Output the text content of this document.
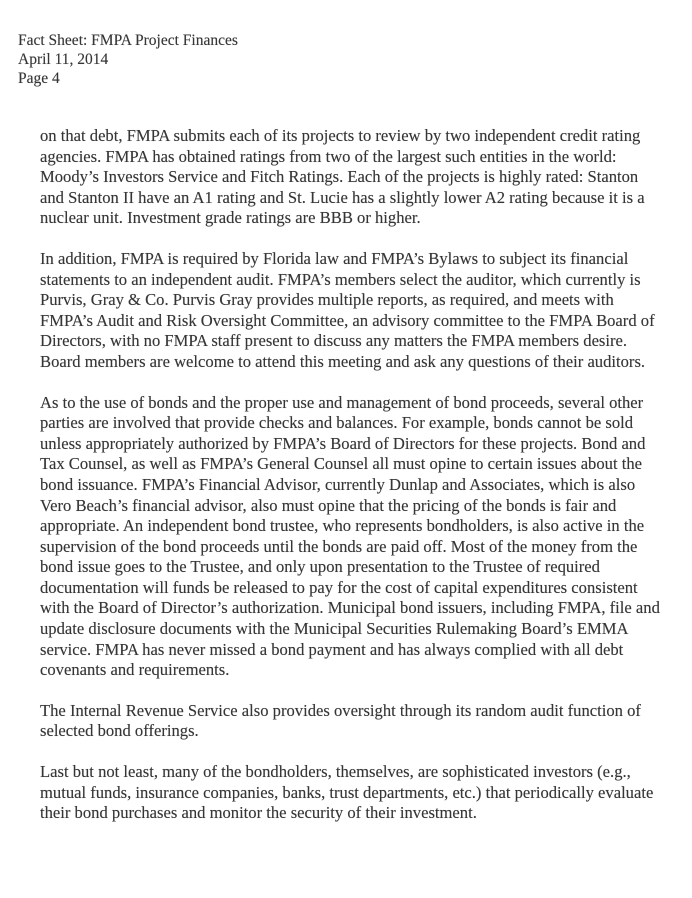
Fact Sheet: FMPA Project Finances
April 11, 2014
Page 4

on that debt, FMPA submits each of its projects to review by two independent credit rating agencies. FMPA has obtained ratings from two of the largest such entities in the world: Moody’s Investors Service and Fitch Ratings. Each of the projects is highly rated: Stanton and Stanton II have an A1 rating and St. Lucie has a slightly lower A2 rating because it is a nuclear unit. Investment grade ratings are BBB or higher.

In addition, FMPA is required by Florida law and FMPA’s Bylaws to subject its financial statements to an independent audit. FMPA’s members select the auditor, which currently is Purvis, Gray & Co. Purvis Gray provides multiple reports, as required, and meets with FMPA’s Audit and Risk Oversight Committee, an advisory committee to the FMPA Board of Directors, with no FMPA staff present to discuss any matters the FMPA members desire. Board members are welcome to attend this meeting and ask any questions of their auditors.

As to the use of bonds and the proper use and management of bond proceeds, several other parties are involved that provide checks and balances. For example, bonds cannot be sold unless appropriately authorized by FMPA’s Board of Directors for these projects. Bond and Tax Counsel, as well as FMPA’s General Counsel all must opine to certain issues about the bond issuance. FMPA’s Financial Advisor, currently Dunlap and Associates, which is also Vero Beach’s financial advisor, also must opine that the pricing of the bonds is fair and appropriate. An independent bond trustee, who represents bondholders, is also active in the supervision of the bond proceeds until the bonds are paid off. Most of the money from the bond issue goes to the Trustee, and only upon presentation to the Trustee of required documentation will funds be released to pay for the cost of capital expenditures consistent with the Board of Director’s authorization. Municipal bond issuers, including FMPA, file and update disclosure documents with the Municipal Securities Rulemaking Board’s EMMA service. FMPA has never missed a bond payment and has always complied with all debt covenants and requirements.

The Internal Revenue Service also provides oversight through its random audit function of selected bond offerings.

Last but not least, many of the bondholders, themselves, are sophisticated investors (e.g., mutual funds, insurance companies, banks, trust departments, etc.) that periodically evaluate their bond purchases and monitor the security of their investment.
